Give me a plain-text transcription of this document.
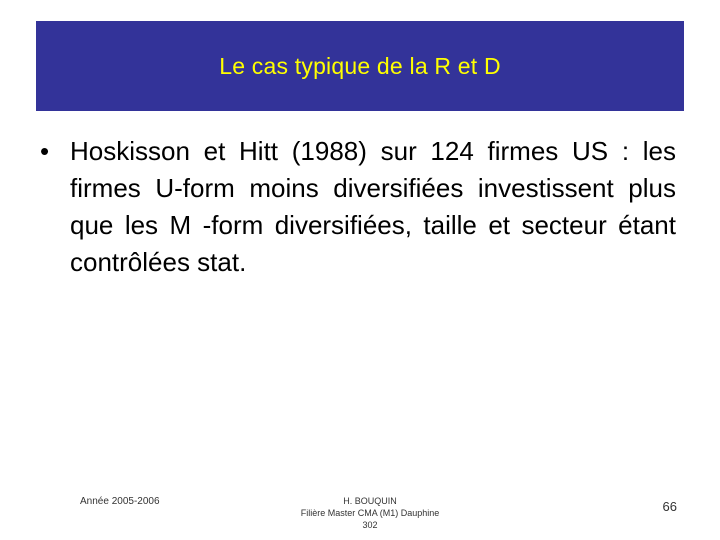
Le cas typique de la R et D
• Hoskisson et Hitt (1988) sur 124 firmes US : les firmes U-form moins diversifiées investissent plus que les M -form diversifiées, taille et secteur étant contrôlées stat.
Année 2005-2006	H. BOUQUIN
Filière Master CMA (M1) Dauphine
302
66
